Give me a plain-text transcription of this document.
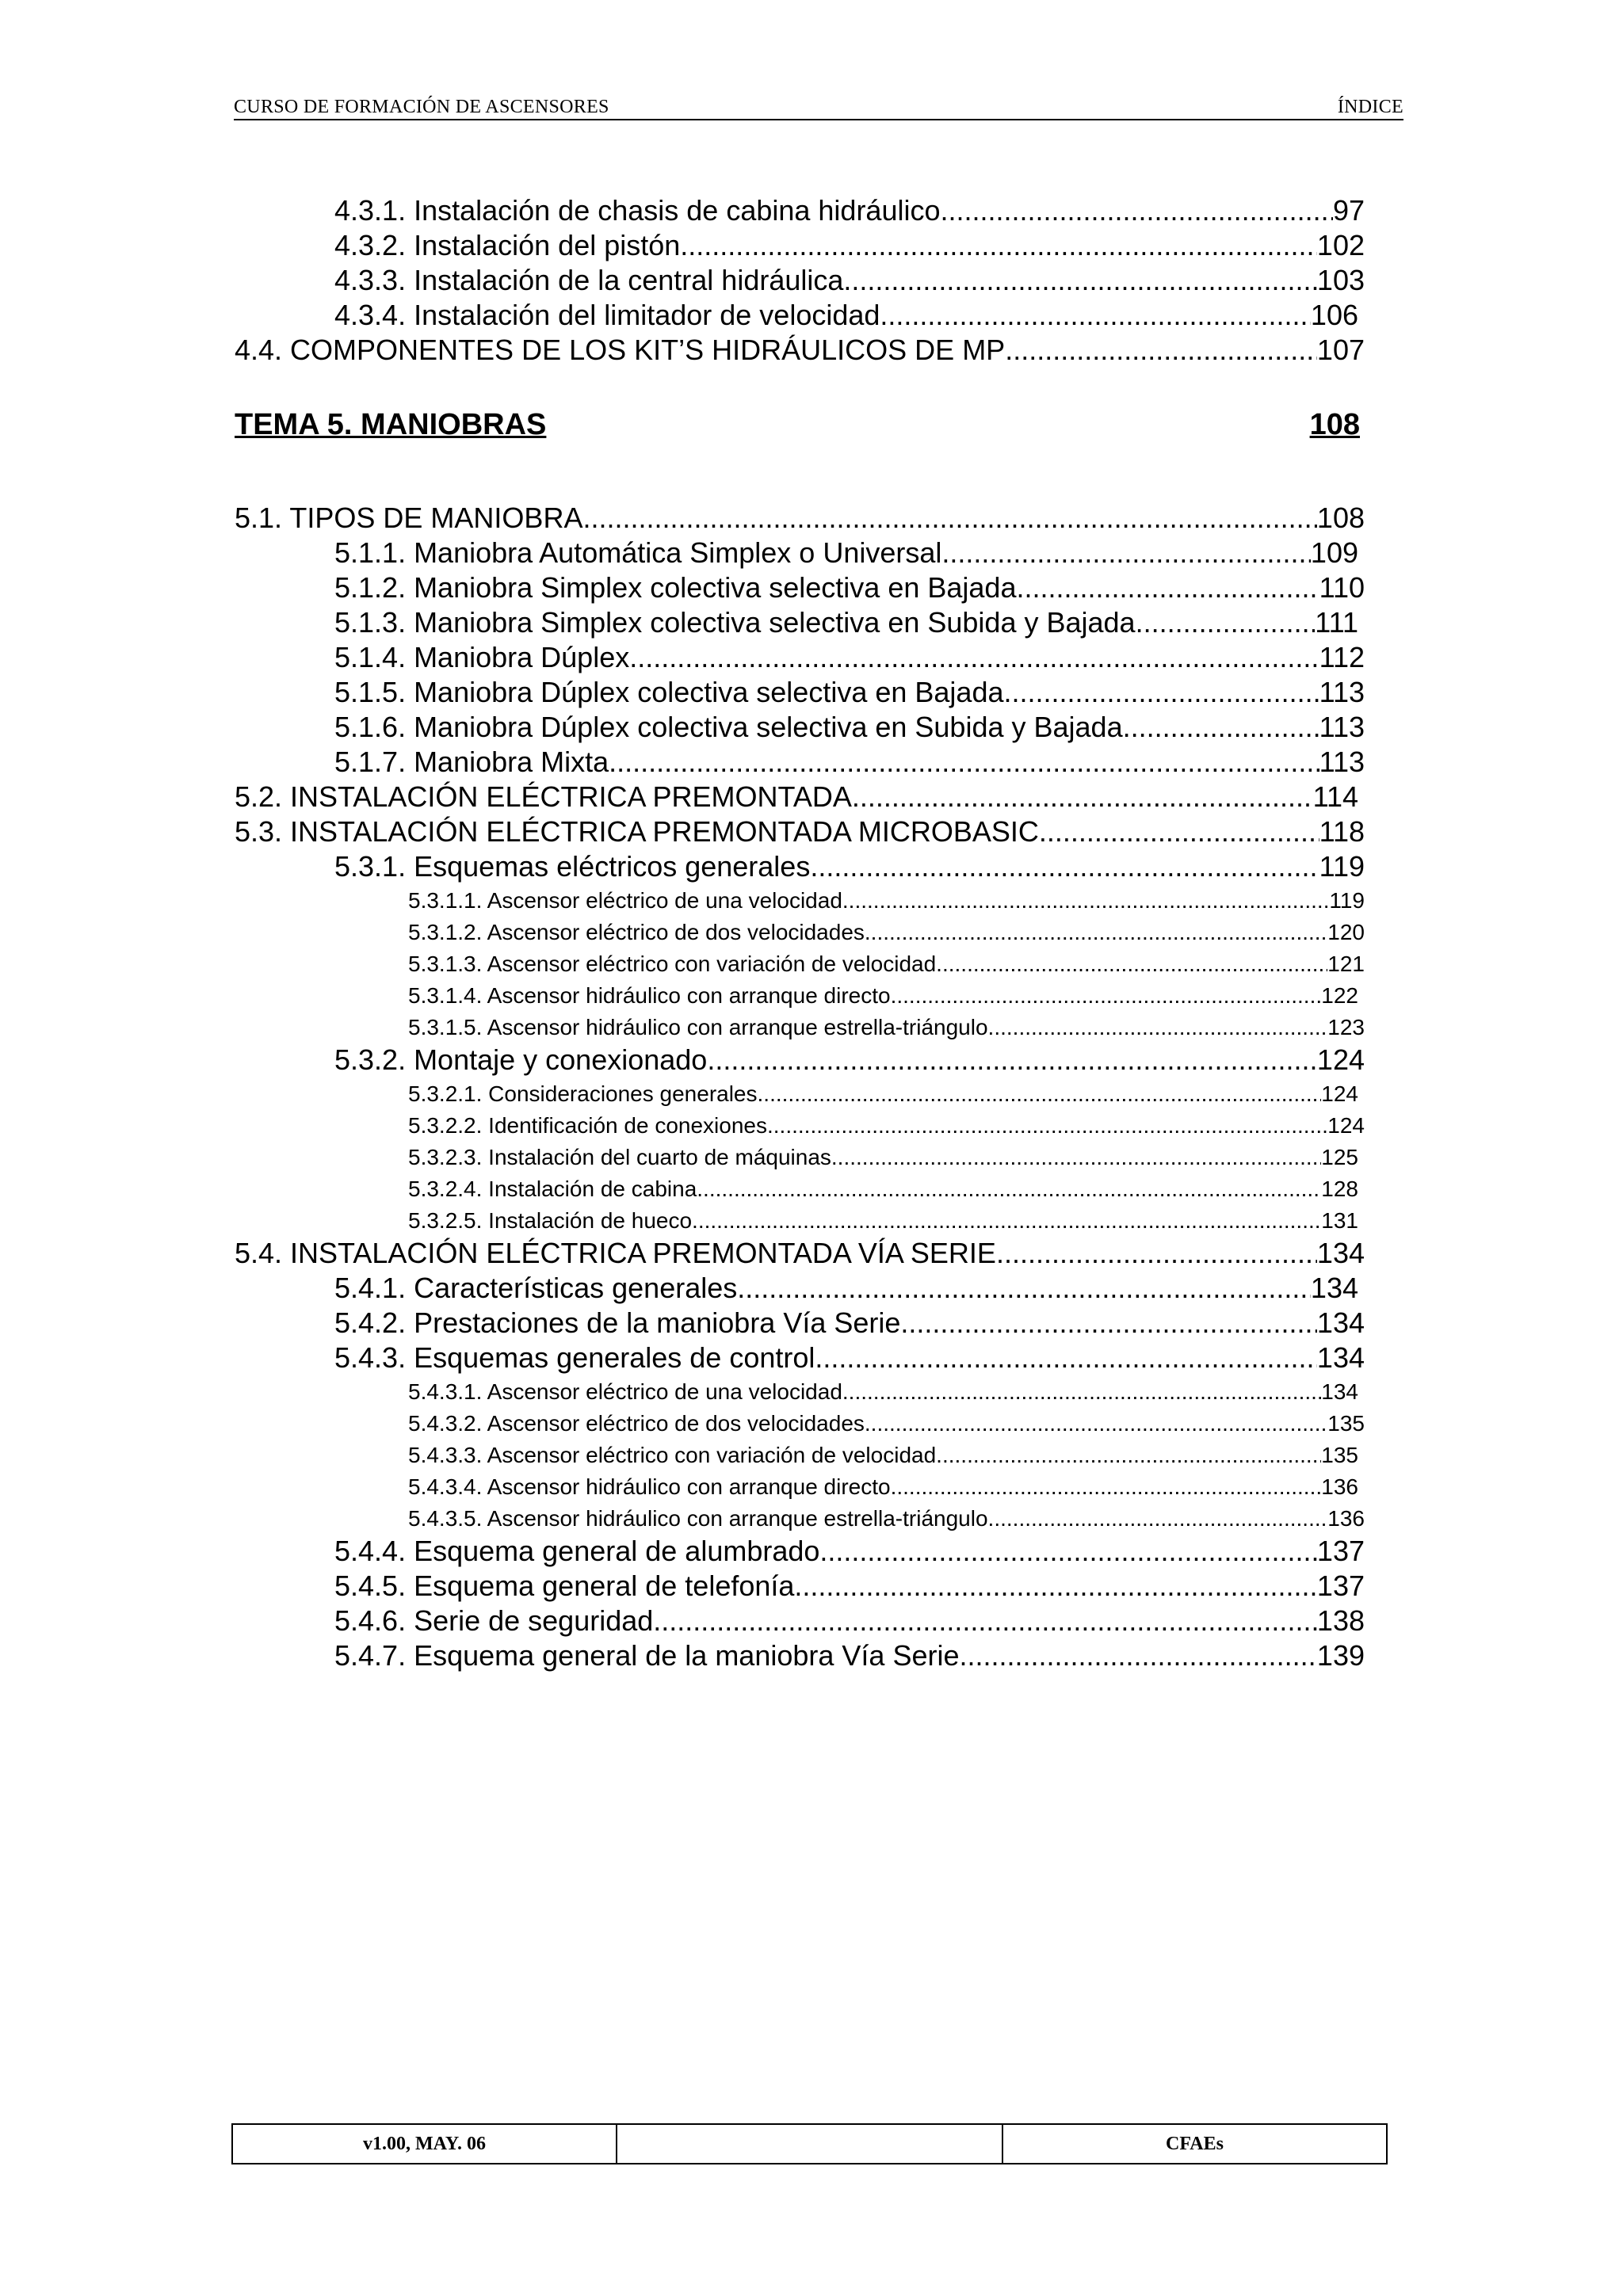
CURSO DE FORMACIÓN DE ASCENSORES	ÍNDICE
4.3.1. Instalación de chasis de cabina hidráulico .....	97
4.3.2. Instalación del pistón .....	102
4.3.3. Instalación de la central hidráulica .....	103
4.3.4. Instalación del limitador de velocidad .....	106
4.4. COMPONENTES DE LOS KIT’S HIDRÁULICOS DE MP .....	107
TEMA 5. MANIOBRAS	108
5.1. TIPOS DE MANIOBRA .....	108
5.1.1. Maniobra Automática Simplex o Universal .....	109
5.1.2. Maniobra Simplex colectiva selectiva en Bajada .....	110
5.1.3. Maniobra Simplex colectiva selectiva en Subida y Bajada .....	111
5.1.4. Maniobra Dúplex .....	112
5.1.5. Maniobra Dúplex colectiva selectiva en Bajada .....	113
5.1.6. Maniobra Dúplex colectiva selectiva en Subida y Bajada .....	113
5.1.7. Maniobra Mixta .....	113
5.2. INSTALACIÓN ELÉCTRICA PREMONTADA .....	114
5.3. INSTALACIÓN ELÉCTRICA PREMONTADA MICROBASIC .....	118
5.3.1. Esquemas eléctricos generales .....	119
5.3.1.1. Ascensor eléctrico de una velocidad .....	119
5.3.1.2. Ascensor eléctrico de dos velocidades .....	120
5.3.1.3. Ascensor eléctrico con variación de velocidad .....	121
5.3.1.4. Ascensor hidráulico con arranque directo .....	122
5.3.1.5. Ascensor hidráulico con arranque estrella-triángulo .....	123
5.3.2. Montaje y conexionado .....	124
5.3.2.1. Consideraciones generales .....	124
5.3.2.2. Identificación de conexiones .....	124
5.3.2.3. Instalación del cuarto de máquinas .....	125
5.3.2.4. Instalación de cabina .....	128
5.3.2.5. Instalación de hueco .....	131
5.4. INSTALACIÓN ELÉCTRICA PREMONTADA VÍA SERIE .....	134
5.4.1. Características generales .....	134
5.4.2. Prestaciones de la maniobra Vía Serie .....	134
5.4.3. Esquemas generales de control .....	134
5.4.3.1. Ascensor eléctrico de una velocidad .....	134
5.4.3.2. Ascensor eléctrico de dos velocidades .....	135
5.4.3.3. Ascensor eléctrico con variación de velocidad .....	135
5.4.3.4. Ascensor hidráulico con arranque directo .....	136
5.4.3.5. Ascensor hidráulico con arranque estrella-triángulo .....	136
5.4.4. Esquema general de alumbrado .....	137
5.4.5. Esquema general de telefonía .....	137
5.4.6. Serie de seguridad .....	138
5.4.7. Esquema general de la maniobra Vía Serie .....	139
v1.00, MAY. 06	CFAEs
